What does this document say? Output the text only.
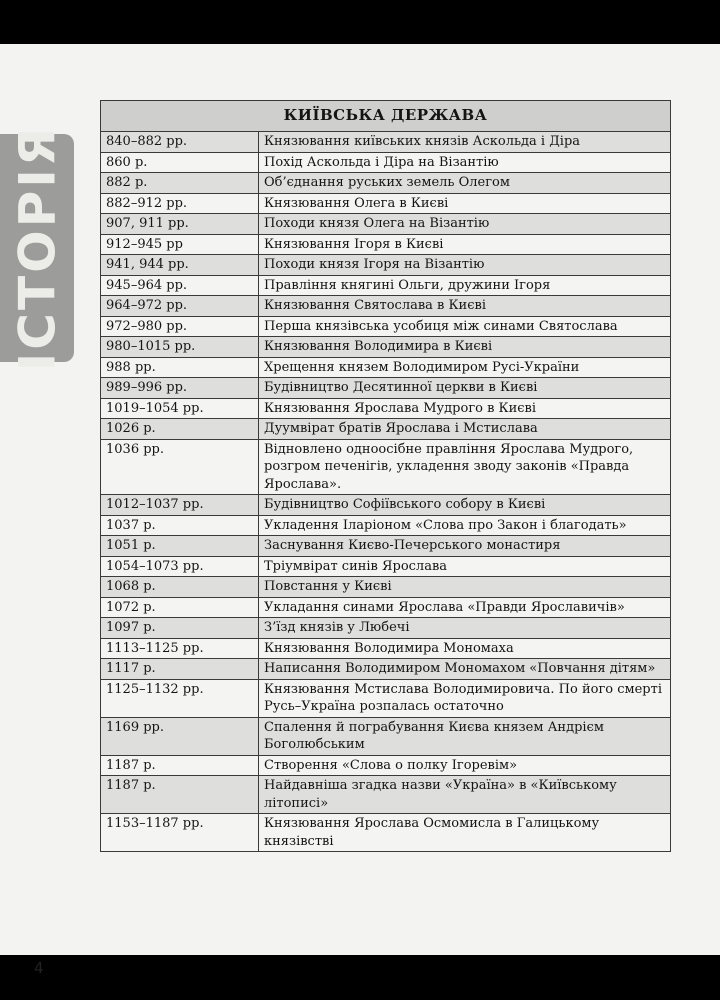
ІСТОРІЯ
4
КИЇВСЬКА ДЕРЖАВА	
840–882 рр.	Князювання київських князів Аскольда і Діра
860 р.	Похід Аскольда і Діра на Візантію
882 р.	Об’єднання руських земель Олегом
882–912 рр.	Князювання Олега в Києві
907, 911 рр.	Походи князя Олега на Візантію
912–945 рр	Князювання Ігоря в Києві
941, 944 рр.	Походи князя Ігоря на Візантію
945–964 рр.	Правління княгині Ольги, дружини Ігоря
964–972 рр.	Князювання Святослава в Києві
972–980 рр.	Перша князівська усобиця між синами Святослава
980–1015 рр.	Князювання Володимира в Києві
988 рр.	Хрещення князем Володимиром Русі-України
989–996 рр.	Будівництво Десятинної церкви в Києві
1019–1054 рр.	Князювання Ярослава Мудрого в Києві
1026 р.	Дуумвірат братів Ярослава і Мстислава
1036 рр.	Відновлено одноосібне правління Ярослава Мудрого, розгром печенігів, укладення зводу законів «Правда Ярослава».
1012–1037 рр.	Будівництво Софіївського собору в Києві
1037 р.	Укладення Іларіоном «Слова про Закон і благодать»
1051 р.	Заснування Києво-Печерського монастиря
1054–1073 рр.	Тріумвірат синів Ярослава
1068 р.	Повстання у Києві
1072 р.	Укладання синами Ярослава «Правди Ярославичів»
1097 р.	З’їзд князів у Любечі
1113–1125 рр.	Князювання Володимира Мономаха
1117 р.	Написання Володимиром Мономахом «Повчання дітям»
1125–1132 рр.	Князювання Мстислава Володимировича. По його смерті Русь–Україна розпалась остаточно
1169 рр.	Спалення й пограбування Києва князем Андрієм Боголюбським
1187 р.	Створення «Слова о полку Ігоревім»
1187 р.	Найдавніша згадка назви «Україна» в «Київському літописі»
1153–1187 рр.	Князювання Ярослава Осмомисла в Галицькому князівстві
